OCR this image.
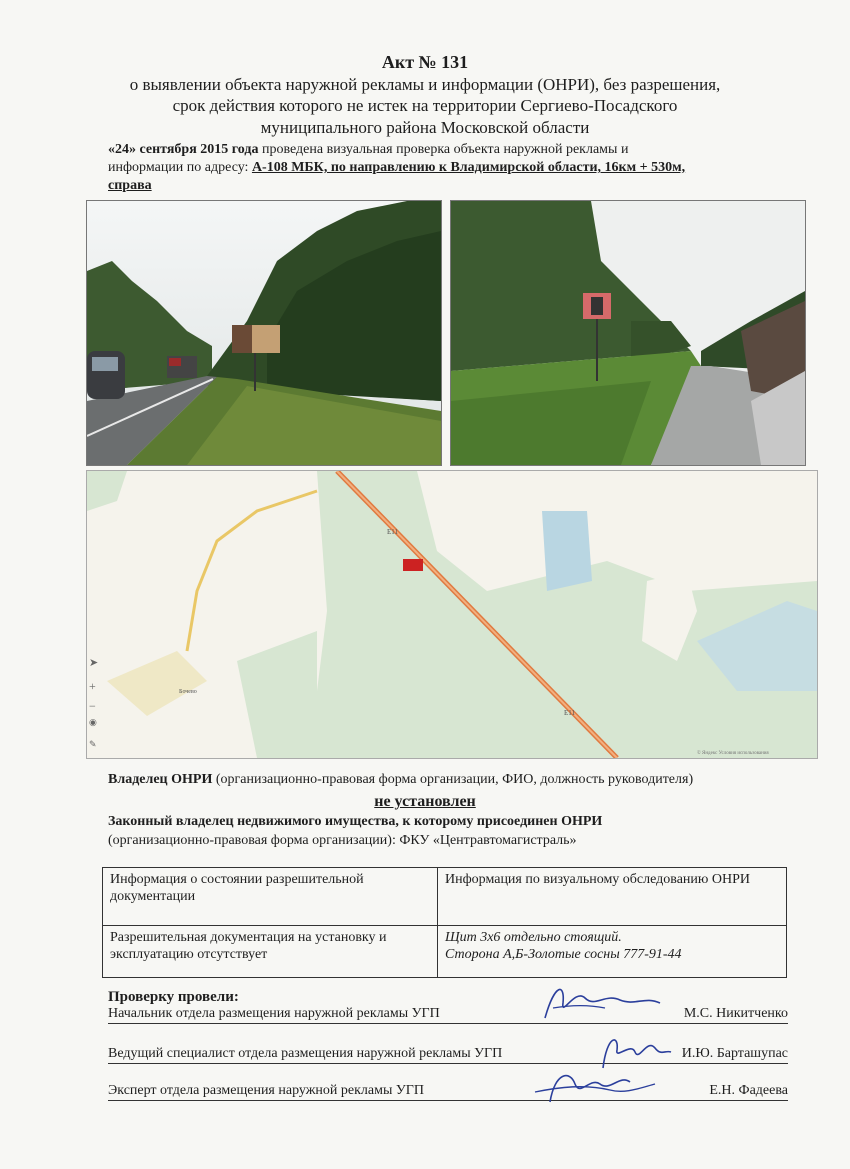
Акт № 131
о выявлении объекта наружной рекламы и информации (ОНРИ), без разрешения,
срок действия которого не истек на территории Сергиево-Посадского
муниципального района Московской области
«24» сентября 2015 года проведена визуальная проверка объекта наружной рекламы и
информации по адресу: А-108 МБК, по направлению к Владимирской области, 16км + 530м,
справа
Е11
Е11
Бочево
© Яндекс Условия использования
➤
+
−
◉
✎
Владелец ОНРИ (организационно-правовая форма организации, ФИО, должность руководителя)
не установлен
Законный владелец недвижимого имущества, к которому присоединен ОНРИ
(организационно-правовая форма организации): ФКУ «Центравтомагистраль»
Информация о состоянии разрешительной документации	Информация по визуальному обследованию ОНРИ
Разрешительная документация на установку и эксплуатацию отсутствует	Щит 3х6 отдельно стоящий.
Сторона А,Б-Золотые сосны 777-91-44
Проверку провели:
Начальник отдела размещения наружной рекламы УГП	М.С. Никитченко
Ведущий специалист отдела размещения наружной рекламы УГП	И.Ю. Барташупас
Эксперт отдела размещения наружной рекламы УГП	Е.Н. Фадеева
